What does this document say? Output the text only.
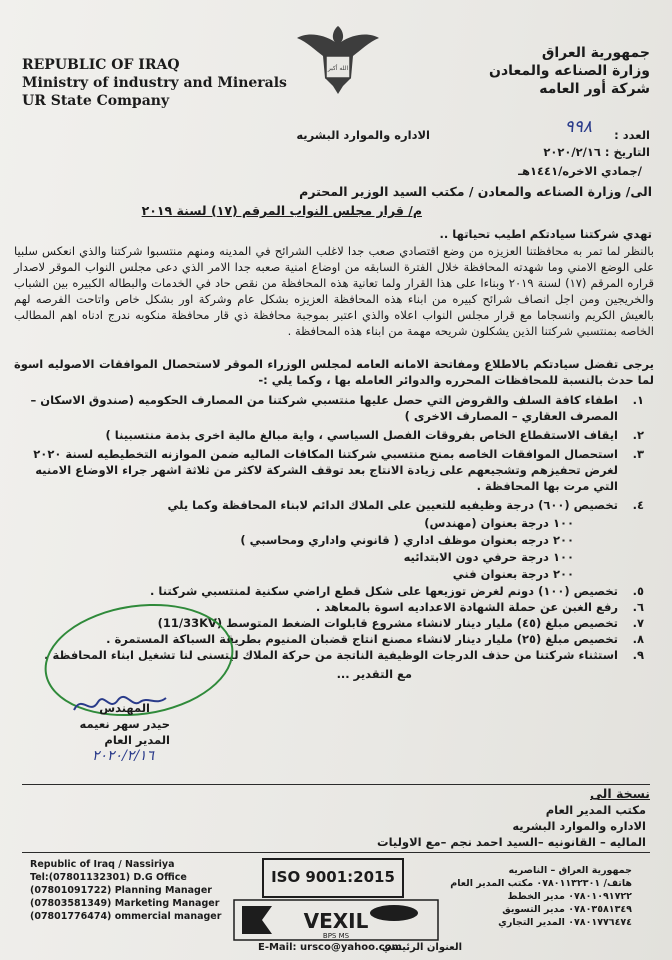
REPUBLIC OF IRAQ
Ministry of industry and Minerals
UR State Company
الله أكبر
جمهورية العراق
وزارة الصناعه والمعادن
شركة أور العامه
الاداره والموارد البشريه	العدد :
٩٩٨
التاريخ : ٢٠٢٠/٢/١٦
/جمادي الاخره/١٤٤١هـ
الى/ وزارة الصناعه والمعادن / مكتب السيد الوزير المحترم
م/ قرار مجلس النواب المرقم (١٧) لسنة ٢٠١٩
تهدي شركتنا سيادتكم اطيب تحياتها ..
بالنظر لما تمر به محافظتنا العزيزه من وضع اقتصادي صعب جدا لاغلب الشرائح في المدينه ومنهم منتسبوا شركتنا والذي انعكس سلبيا على الوضع الامني وما شهدته المحافظة خلال الفترة السابقه من اوضاع امنية صعبه جدا الامر الذي دعى مجلس النواب الموقر لاصدار قراره المرقم (١٧) لسنة ٢٠١٩ وبناءا على هذا القرار ولما تعانية هذه المحافظة من نقص حاد في الخدمات والبطاله الكبيره بين الشباب والخريجين ومن اجل انصاف شرائح كبيره من ابناء هذه المحافظة العزيزه بشكل عام وشركة اور بشكل خاص واتاحت الفرصه لهم بالعيش الكريم وانسجاما مع قرار مجلس النواب اعلاه والذي اعتبر بموجبة محافظة ذي قار محافظة منكوبه ندرج ادناه اهم المطالب الخاصه بمنتسبي شركتنا الذين يشكلون شريحه مهمة من ابناء هذه المحافظة .
يرجى تفضل سيادتكم بالاطلاع ومفاتحة الامانه العامه لمجلس الوزراء الموقر لاستحصال الموافقات الاصوليه اسوة لما حدث بالنسبة للمحافظات المحرره والدوائر العامله بها ، وكما يلي :-
١.
اطفاء كافة السلف والقروض التي حصل عليها منتسبي شركتنا من المصارف الحكوميه (صندوق الاسكان – المصرف العقاري – المصارف الاخرى )
٢.
ايقاف الاستقطاع الخاص بفروقات الفصل السياسي ، واية مبالغ مالية اخرى بذمة منتسبينا )
٣.
استحصال الموافقات الخاصه بمنح منتسبي شركتنا المكافات الماليه ضمن الموازنه التخطيطيه لسنة ٢٠٢٠ لغرض تحفيزهم وتشجيعهم على زيادة الانتاج بعد توقف الشركة لاكثر من ثلاثة اشهر جراء الاوضاع الامنيه التي مرت بها المحافظة .
٤.
تخصيص (٦٠٠) درجة وظيفيه للتعيين على الملاك الدائم لابناء المحافظة وكما يلي
١٠٠ درجة بعنوان (مهندس)
٢٠٠ درجه بعنوان موظف اداري ( قانوني واداري ومحاسبي )
١٠٠ درجة حرفي دون الابتدائيه
٢٠٠ درجة بعنوان فني
٥.
تخصيص (١٠٠) دونم لغرض توزيعها على شكل قطع اراضي سكنية لمنتسبي شركتنا .
٦.
رفع الغبن عن حملة الشهادة الاعداديه اسوة بالمعاهد .
٧.
تخصيص مبلغ (٤٥) مليار دينار لانشاء مشروع قابلوات الضغط المتوسط (11/33KV)
٨.
تخصيص مبلغ (٢٥) مليار دينار لانشاء مصنع انتاج قضبان المنيوم بطريقة السباكة المستمرة .
٩.
استثناء شركتنا من حذف الدرجات الوظيفية الناتجة من حركة الملاك ليتسنى لنا تشغيل ابناء المحافظة .
مع التقدير ...
المهندس
حيدر سهر نعيمه
المدير العام
٢٠٢٠/٢/١٦
نسخة الى
مكتب المدير العام
الاداره والموارد البشريه
الماليه – القانونيه –السيد احمد نجم –مع الاوليات
Republic of Iraq / Nassiriya
Tel:(07801132301) D.G Office
(07801091722) Planning Manager
(07803581349) Marketing Manager
(07801776474) ommercial manager
جمهورية العراق – الناصريه
هاتف/ ٠٧٨٠١١٣٢٣٠١ مكتب المدير العام
٠٧٨٠١٠٩١٧٢٢ مدير الخطط
٠٧٨٠٣٥٨١٣٤٩ مدير التسويق
٠٧٨٠١٧٧٦٤٧٤ المدير التجاري
ISO 9001:2015
VEXIL
BPS MS
E-Mail: ursco@yahoo.com
العنوان الرئيسي
